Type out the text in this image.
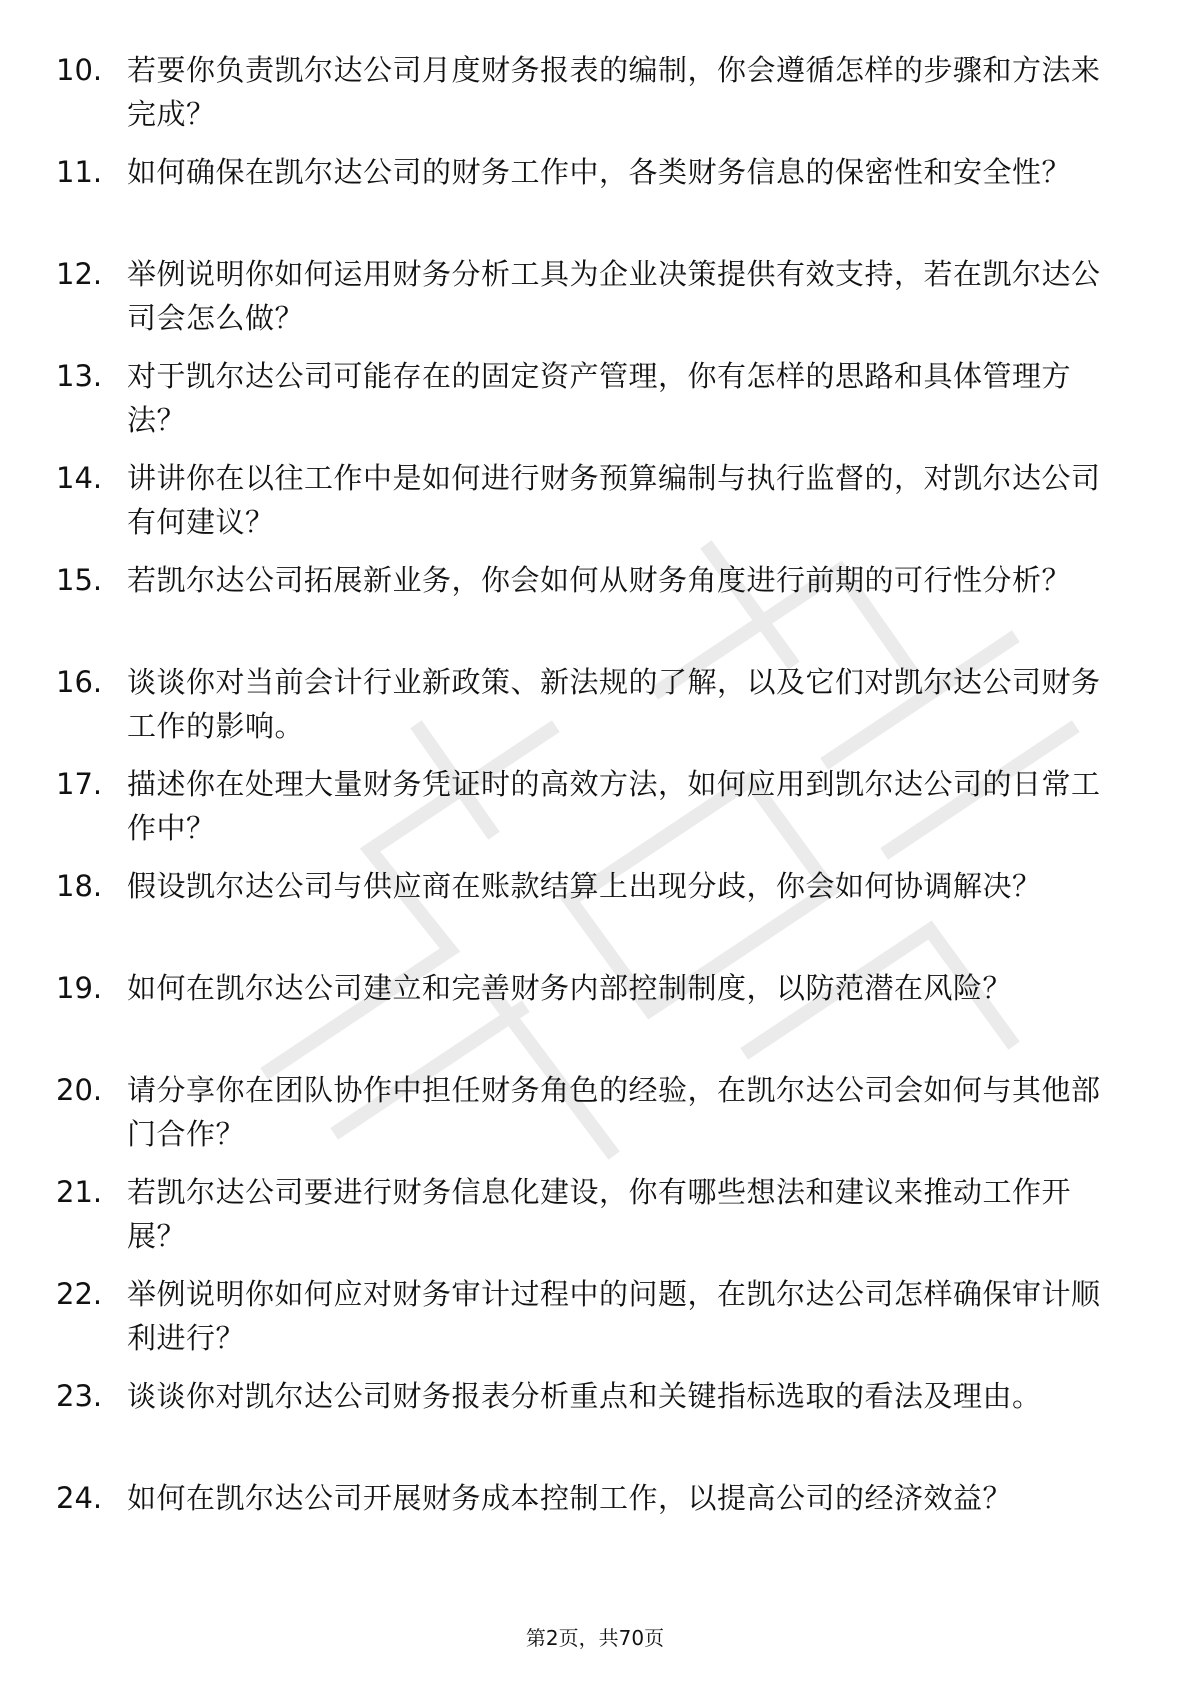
10. 若要你负责凯尔达公司月度财务报表的编制，你会遵循怎样的步骤和方法来完成？
11. 如何确保在凯尔达公司的财务工作中，各类财务信息的保密性和安全性？
12. 举例说明你如何运用财务分析工具为企业决策提供有效支持，若在凯尔达公司会怎么做？
13. 对于凯尔达公司可能存在的固定资产管理，你有怎样的思路和具体管理方法？
14. 讲讲你在以往工作中是如何进行财务预算编制与执行监督的，对凯尔达公司有何建议？
15. 若凯尔达公司拓展新业务，你会如何从财务角度进行前期的可行性分析？
16. 谈谈你对当前会计行业新政策、新法规的了解，以及它们对凯尔达公司财务工作的影响。
17. 描述你在处理大量财务凭证时的高效方法，如何应用到凯尔达公司的日常工作中？
18. 假设凯尔达公司与供应商在账款结算上出现分歧，你会如何协调解决？
19. 如何在凯尔达公司建立和完善财务内部控制制度，以防范潜在风险？
20. 请分享你在团队协作中担任财务角色的经验，在凯尔达公司会如何与其他部门合作？
21. 若凯尔达公司要进行财务信息化建设，你有哪些想法和建议来推动工作开展？
22. 举例说明你如何应对财务审计过程中的问题，在凯尔达公司怎样确保审计顺利进行？
23. 谈谈你对凯尔达公司财务报表分析重点和关键指标选取的看法及理由。
24. 如何在凯尔达公司开展财务成本控制工作，以提高公司的经济效益？
第2页，共70页
